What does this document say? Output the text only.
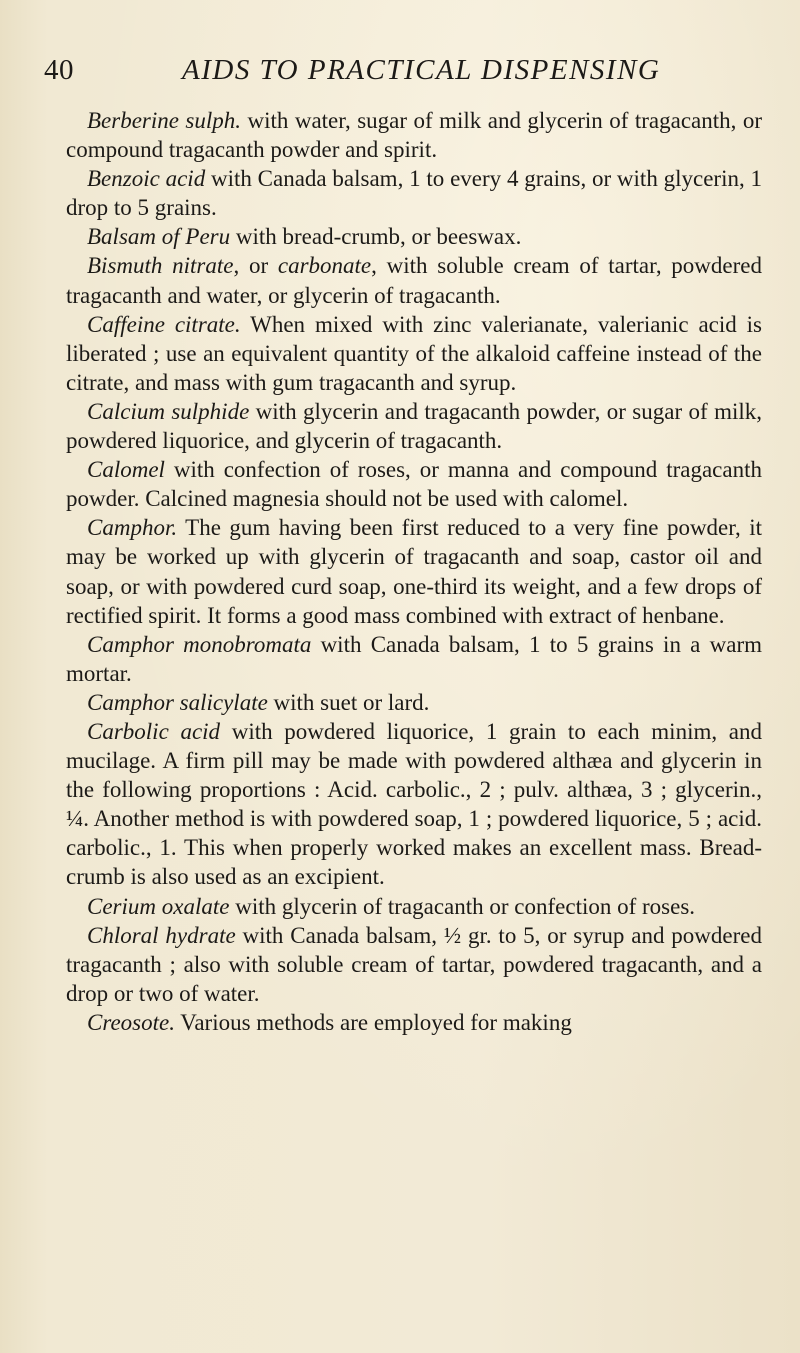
40	AIDS TO PRACTICAL DISPENSING

Berberine sulph. with water, sugar of milk and glycerin of tragacanth, or compound tragacanth powder and spirit.

Benzoic acid with Canada balsam, 1 to every 4 grains, or with glycerin, 1 drop to 5 grains.

Balsam of Peru with bread-crumb, or beeswax.

Bismuth nitrate, or carbonate, with soluble cream of tartar, powdered tragacanth and water, or glycerin of tragacanth.

Caffeine citrate. When mixed with zinc valerianate, valerianic acid is liberated ; use an equivalent quantity of the alkaloid caffeine instead of the citrate, and mass with gum tragacanth and syrup.

Calcium sulphide with glycerin and tragacanth powder, or sugar of milk, powdered liquorice, and glycerin of tragacanth.

Calomel with confection of roses, or manna and compound tragacanth powder. Calcined magnesia should not be used with calomel.

Camphor. The gum having been first reduced to a very fine powder, it may be worked up with glycerin of tragacanth and soap, castor oil and soap, or with powdered curd soap, one-third its weight, and a few drops of rectified spirit. It forms a good mass combined with extract of henbane.

Camphor monobromata with Canada balsam, 1 to 5 grains in a warm mortar.

Camphor salicylate with suet or lard.

Carbolic acid with powdered liquorice, 1 grain to each minim, and mucilage. A firm pill may be made with powdered althæa and glycerin in the following proportions : Acid. carbolic., 2 ; pulv. althæa, 3 ; glycerin., ¼. Another method is with powdered soap, 1 ; powdered liquorice, 5 ; acid. carbolic., 1. This when properly worked makes an excellent mass. Bread-crumb is also used as an excipient.

Cerium oxalate with glycerin of tragacanth or confection of roses.

Chloral hydrate with Canada balsam, ½ gr. to 5, or syrup and powdered tragacanth ; also with soluble cream of tartar, powdered tragacanth, and a drop or two of water.

Creosote. Various methods are employed for making
